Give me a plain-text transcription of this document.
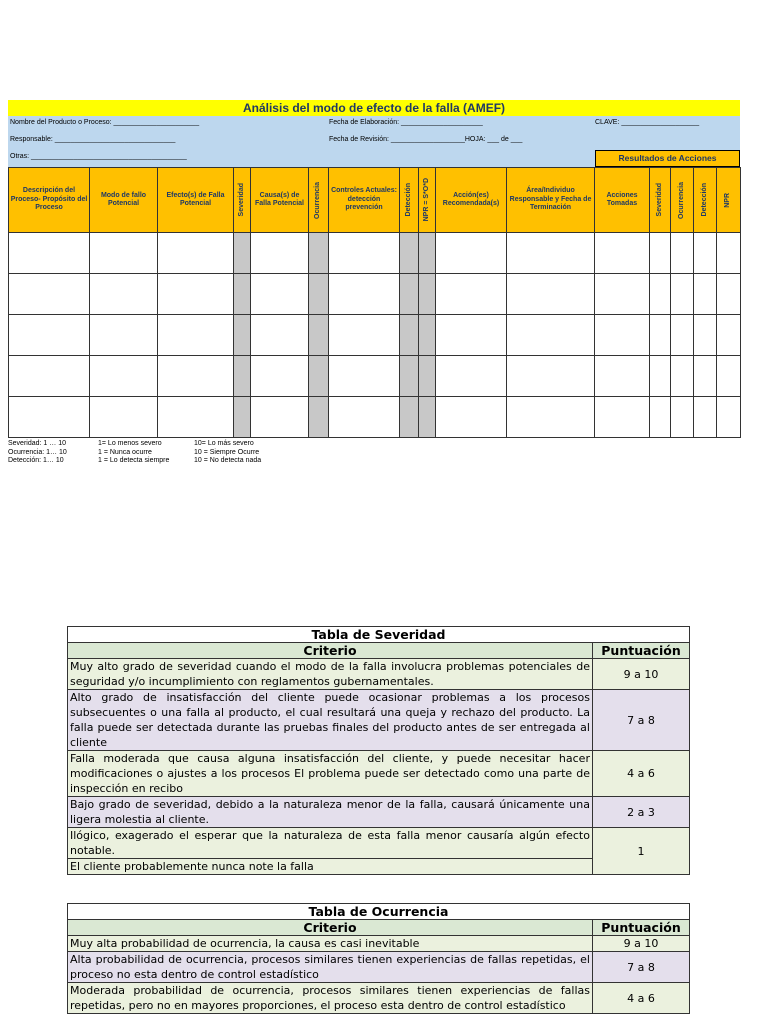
Análisis del modo de efecto de la falla (AMEF)
Nombre del Producto o Proceso: ______________________	Fecha de Elaboración: _____________________	CLAVE: ____________________
Responsable: _______________________________	Fecha de Revisión: ___________________HOJA: ___ de ___
Otras: ________________________________________	Resultados de Acciones
Descripción del Proceso- Propósito del Proceso	Modo de fallo Potencial	Efecto(s) de Falla Potencial	Severidad	Causa(s) de Falla Potencial	Ocurrencia	Controles Actuales: detección prevención	Detección	NPR = S*O*D	Acción(es) Recomendada(s)	Área/Individuo Responsable y Fecha de Terminación	Acciones Tomadas	Severidad	Ocurrencia	Detección	NPR

Severidad: 1 … 10	1= Lo menos severo	10= Lo más severo
Ocurrencia: 1… 10	1 = Nunca ocurre	10 = Siempre Ocurre
Detección: 1… 10	1 = Lo detecta siempre	10 = No detecta nada
Tabla de Severidad	
Criterio	Puntuación
Muy alto grado de severidad cuando el modo de la falla involucra problemas potenciales de seguridad y/o incumplimiento con reglamentos gubernamentales.	9 a 10
Alto grado de insatisfacción del cliente puede ocasionar problemas a los procesos subsecuentes o una falla al producto, el cual resultará una queja y rechazo del producto. La falla puede ser detectada durante las pruebas finales del producto antes de ser entregada al cliente	7 a 8
Falla moderada que causa alguna insatisfacción del cliente, y puede necesitar hacer modificaciones o ajustes a los procesos El problema puede ser detectado como una parte de inspección en recibo	4 a 6
Bajo grado de severidad, debido a la naturaleza menor de la falla, causará únicamente una ligera molestia al cliente.	2 a 3
Ilógico, exagerado el esperar que la naturaleza de esta falla menor causaría algún efecto notable.	1
El cliente probablemente nunca note la falla	
Tabla de Ocurrencia	
Criterio	Puntuación
Muy alta probabilidad de ocurrencia, la causa es casi inevitable	9 a 10
Alta probabilidad de ocurrencia, procesos similares tienen experiencias de fallas repetidas, el proceso no esta dentro de control estadístico	7 a 8
Moderada probabilidad de ocurrencia, procesos similares tienen experiencias de fallas repetidas, pero no en mayores proporciones, el proceso esta dentro de control estadístico	4 a 6
